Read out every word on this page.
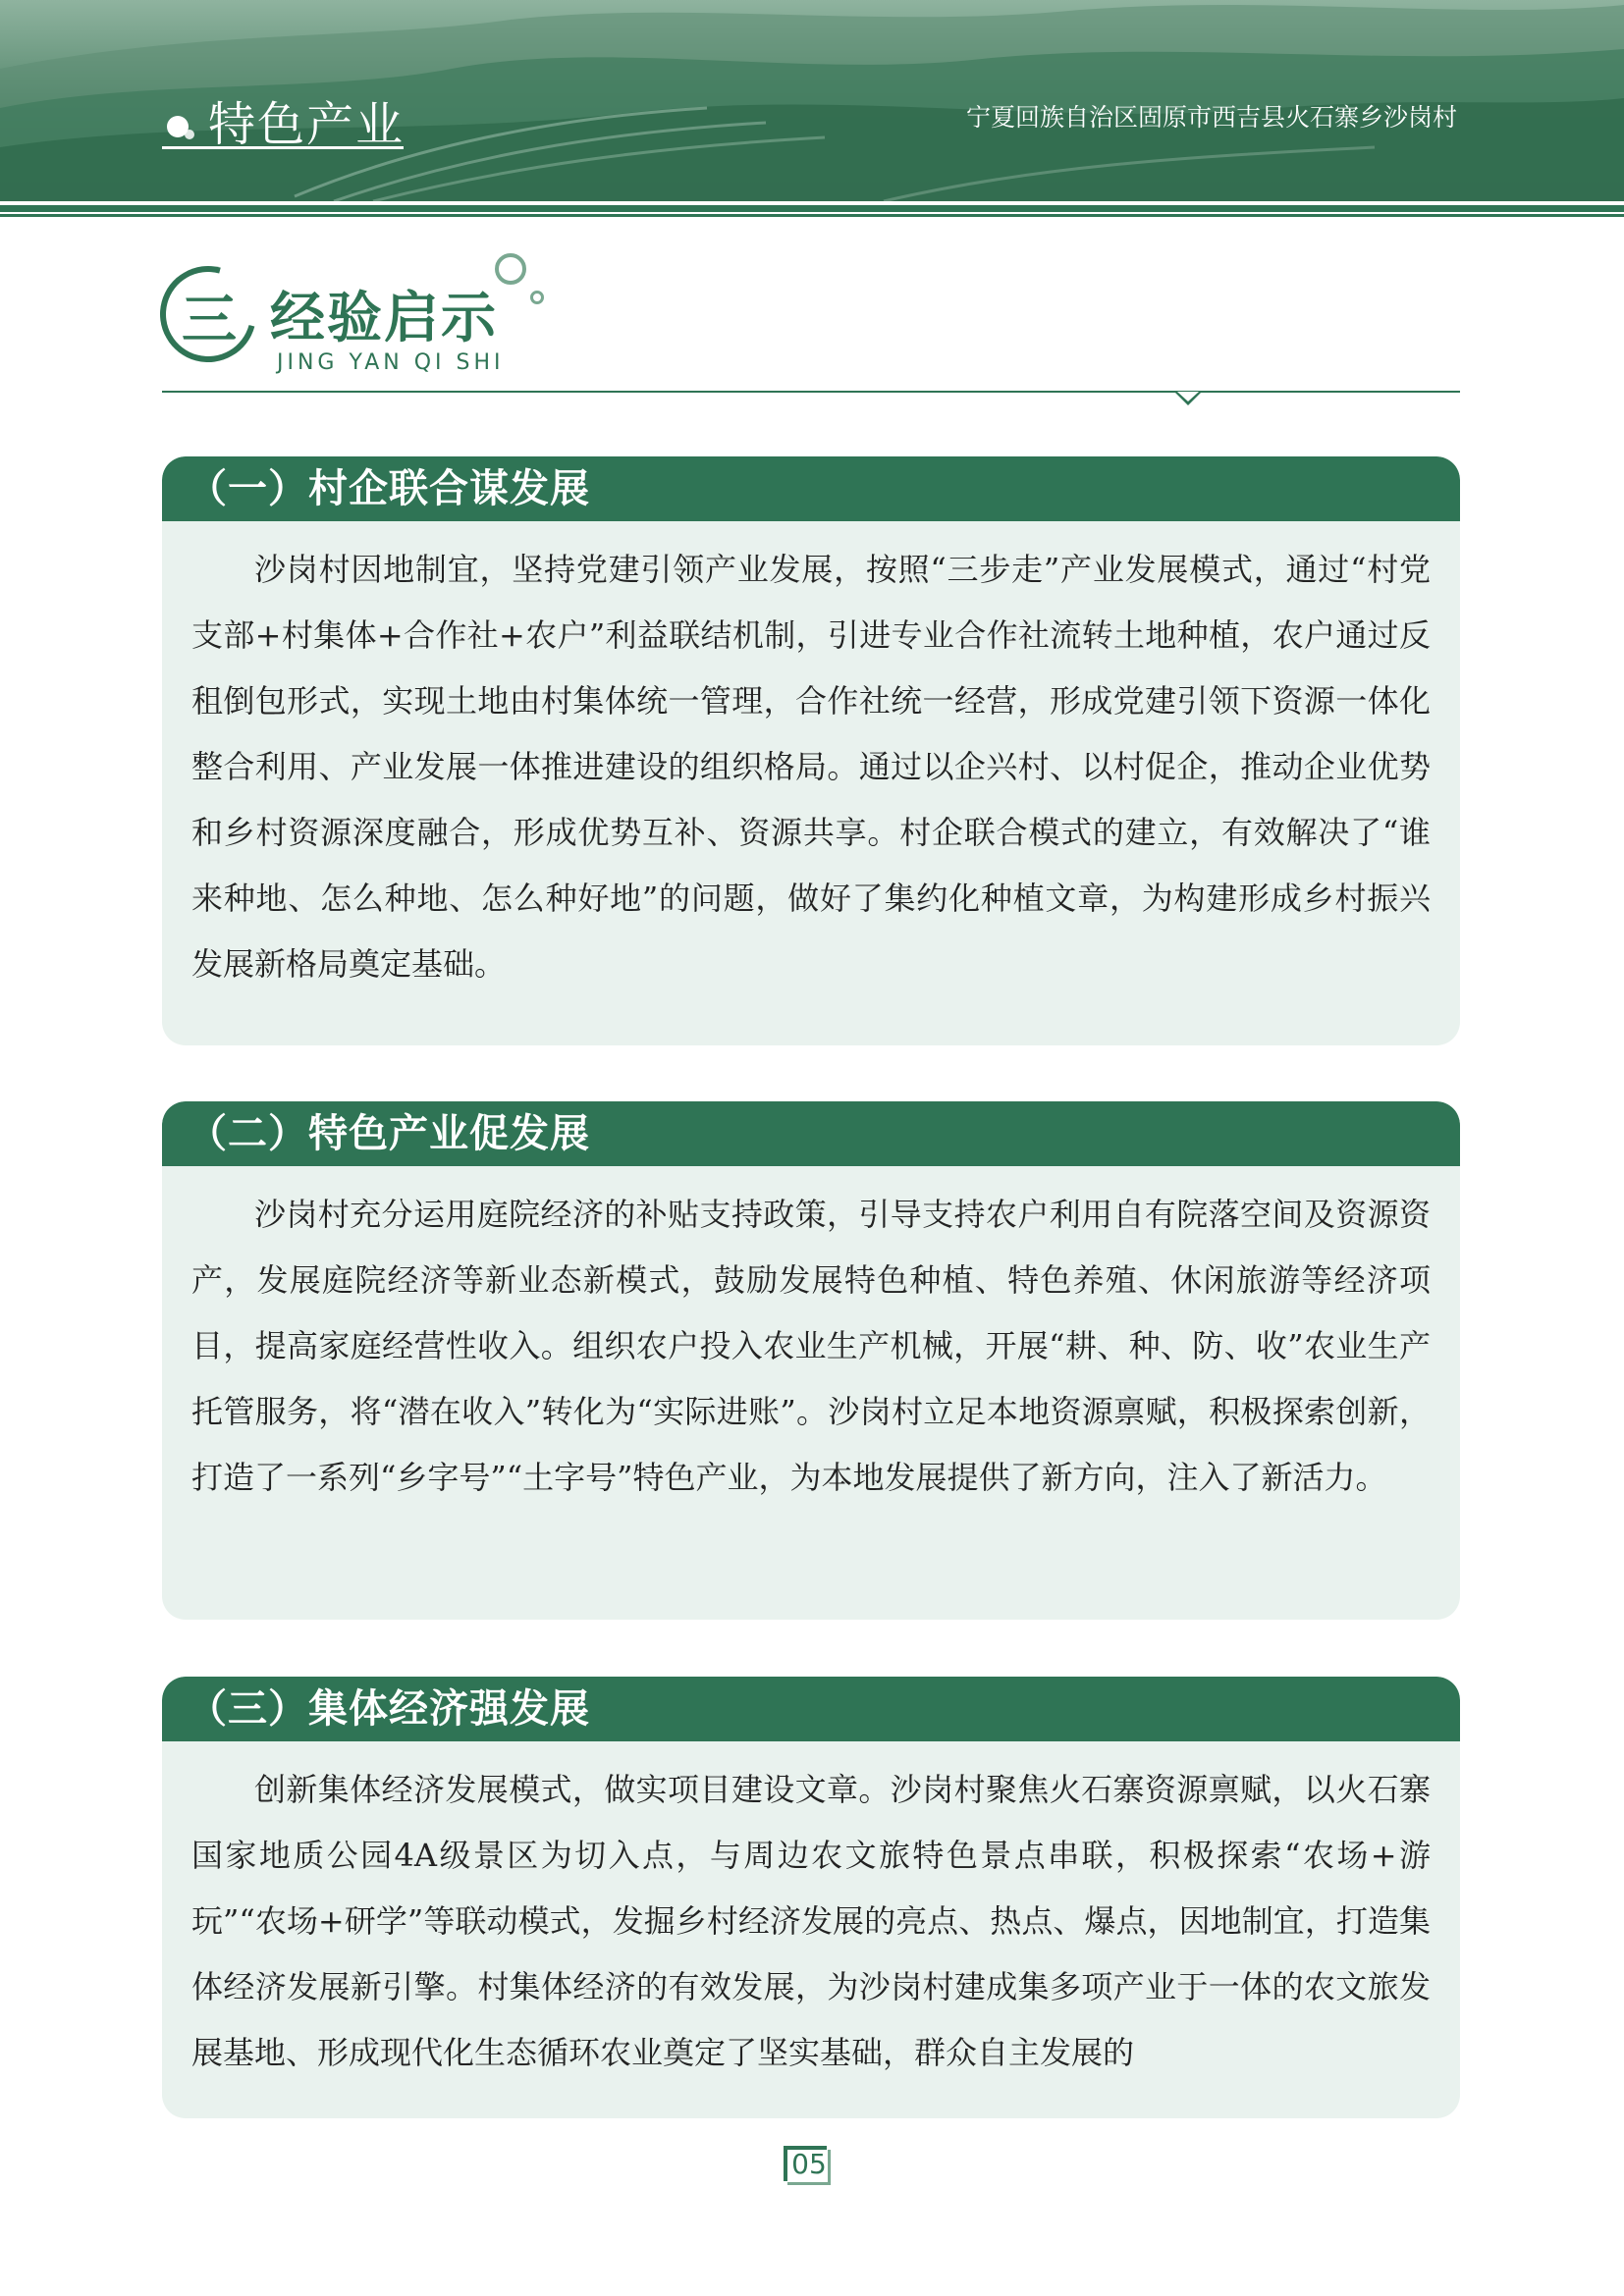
特色产业	宁夏回族自治区固原市西吉县火石寨乡沙岗村
三 经验启示
JING YAN QI SHI
（一）村企联合谋发展
沙岗村因地制宜，坚持党建引领产业发展，按照“三步走”产业发展模式，通过“村党支部+村集体+合作社+农户”利益联结机制，引进专业合作社流转土地种植，农户通过反租倒包形式，实现土地由村集体统一管理，合作社统一经营，形成党建引领下资源一体化整合利用、产业发展一体推进建设的组织格局。通过以企兴村、以村促企，推动企业优势和乡村资源深度融合，形成优势互补、资源共享。村企联合模式的建立，有效解决了“谁来种地、怎么种地、怎么种好地”的问题，做好了集约化种植文章，为构建形成乡村振兴发展新格局奠定基础。
（二）特色产业促发展
沙岗村充分运用庭院经济的补贴支持政策，引导支持农户利用自有院落空间及资源资产，发展庭院经济等新业态新模式，鼓励发展特色种植、特色养殖、休闲旅游等经济项目，提高家庭经营性收入。组织农户投入农业生产机械，开展“耕、种、防、收”农业生产托管服务，将“潜在收入”转化为“实际进账”。沙岗村立足本地资源禀赋，积极探索创新，打造了一系列“乡字号”“土字号”特色产业，为本地发展提供了新方向，注入了新活力。
（三）集体经济强发展
创新集体经济发展模式，做实项目建设文章。沙岗村聚焦火石寨资源禀赋，以火石寨国家地质公园4A级景区为切入点，与周边农文旅特色景点串联，积极探索“农场+游玩”“农场+研学”等联动模式，发掘乡村经济发展的亮点、热点、爆点，因地制宜，打造集体经济发展新引擎。村集体经济的有效发展，为沙岗村建成集多项产业于一体的农文旅发展基地、形成现代化生态循环农业奠定了坚实基础，群众自主发展的
05
